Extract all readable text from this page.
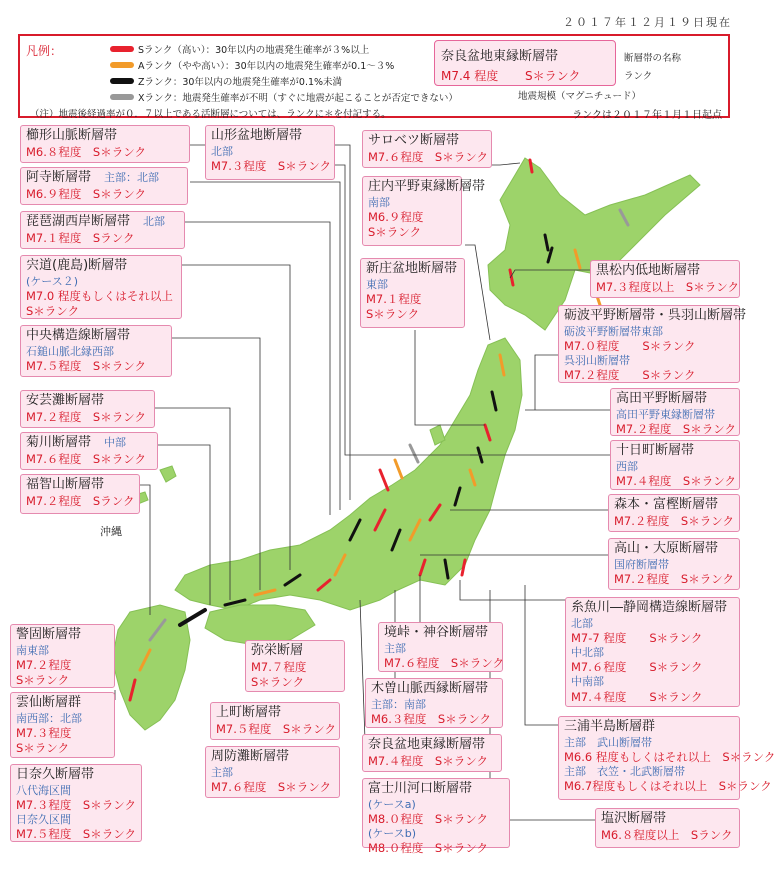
２０１７年１２月１９日現在
凡例：	Sランク（高い）：30年以内の地震発生確率が３%以上
Aランク（やや高い）：30年以内の地震発生確率が0.1～３%
Zランク：30年以内の地震発生確率が0.1%未満
Xランク：地震発生確率が不明（すぐに地震が起こることが否定できない）
（注）地震後経過率が０．７以上である活断層については、ランクに＊を付記する。
奈良盆地東縁断層帯
M7.4 程度 S＊ランク
断層帯の名称
ランク
地震規模（マグニチュード）
ランクは２０１７年１月１日起点
沖縄
櫛形山脈断層帯
M6.８程度　S＊ランク
阿寺断層帯　 主部：北部
M6.９程度　S＊ランク
琵琶湖西岸断層帯　 北部
M7.１程度　Sランク
宍道(鹿島)断層帯
(ケース２)
M7.0 程度もしくはそれ以上
S＊ランク
中央構造線断層帯
石鎚山脈北縁西部
M7.５程度　S＊ランク
安芸灘断層帯
M7.２程度　S＊ランク
菊川断層帯　 中部
M7.６程度　S＊ランク
福智山断層帯
M7.２程度　Sランク
警固断層帯
南東部
M7.２程度
S＊ランク
雲仙断層群
南西部：北部
M7.３程度
S＊ランク
日奈久断層帯
八代海区間
M7.３程度　S＊ランク
日奈久区間
M7.５程度　S＊ランク
山形盆地断層帯
北部
M7.３程度　S＊ランク
弥栄断層
M7.７程度
S＊ランク
上町断層帯
M7.５程度　S＊ランク
周防灘断層帯
主部
M7.６程度　S＊ランク
サロベツ断層帯
M7.６程度　S＊ランク
庄内平野東縁断層帯
南部
M6.９程度
S＊ランク
新庄盆地断層帯
東部
M7.１程度
S＊ランク
黒松内低地断層帯
M7.３程度以上　S＊ランク
砺波平野断層帯・呉羽山断層帯
砺波平野断層帯東部
M7.０程度　　S＊ランク
呉羽山断層帯
M7.２程度　　S＊ランク
高田平野断層帯
高田平野東縁断層帯
M7.２程度　S＊ランク
十日町断層帯
西部
M7.４程度　S＊ランク
森本・富樫断層帯
M7.２程度　S＊ランク
高山・大原断層帯
国府断層帯
M7.２程度　S＊ランク
糸魚川―静岡構造線断層帯
北部
M7-7 程度　　S＊ランク
中北部
M7.６程度　　S＊ランク
中南部
M7.４程度　　S＊ランク
境峠・神谷断層帯
主部
M7.６程度　S＊ランク
木曽山脈西縁断層帯
主部：南部
M6.３程度　S＊ランク
奈良盆地東縁断層帯
M7.４程度　S＊ランク
富士川河口断層帯
(ケースa)
M8.０程度　S＊ランク
(ケースb)
M8.０程度　S＊ランク
三浦半島断層群
主部　武山断層帯
M6.6 程度もしくはそれ以上　S＊ランク
主部　衣笠・北武断層帯
M6.7程度もしくはそれ以上　S＊ランク
塩沢断層帯
M6.８程度以上　Sランク
